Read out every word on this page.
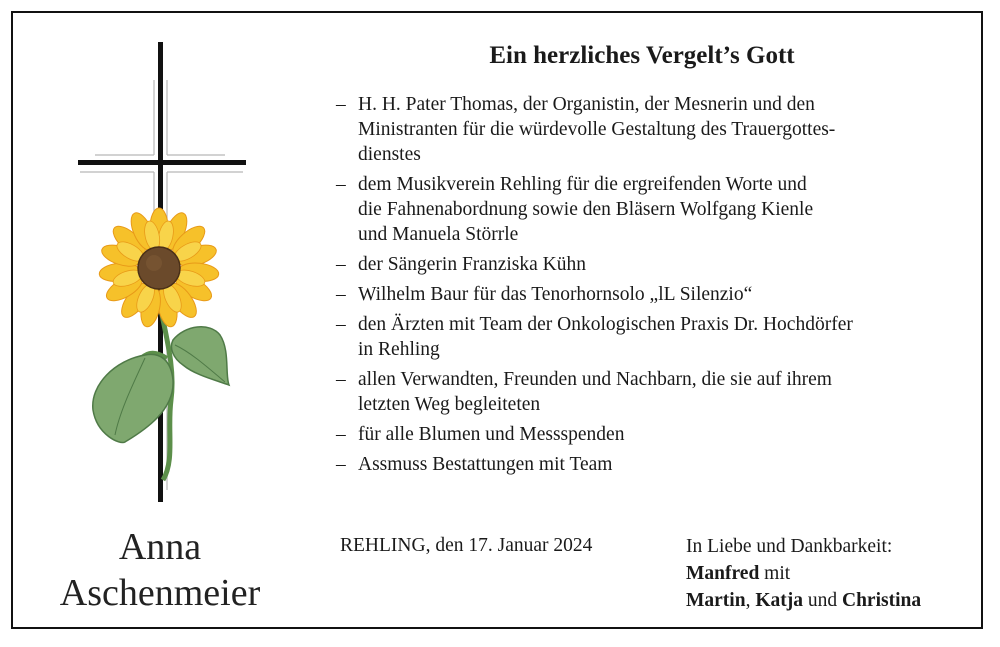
Anna
Aschenmeier
Ein herzliches Vergelt’s Gott
– H. H. Pater Thomas, der Organistin, der Mesnerin und den
Ministranten für die würdevolle Gestaltung des Trauergottes-
dienstes
– dem Musikverein Rehling für die ergreifenden Worte und
die Fahnenabordnung sowie den Bläsern Wolfgang Kienle
und Manuela Störrle
– der Sängerin Franziska Kühn
– Wilhelm Baur für das Tenorhornsolo „lL Silenzio“
– den Ärzten mit Team der Onkologischen Praxis Dr. Hochdörfer
in Rehling
– allen Verwandten, Freunden und Nachbarn, die sie auf ihrem
letzten Weg begleiteten
– für alle Blumen und Messspenden
– Assmuss Bestattungen mit Team
REHLING, den 17. Januar 2024	In Liebe und Dankbarkeit:
Manfred mit
Martin, Katja und Christina
